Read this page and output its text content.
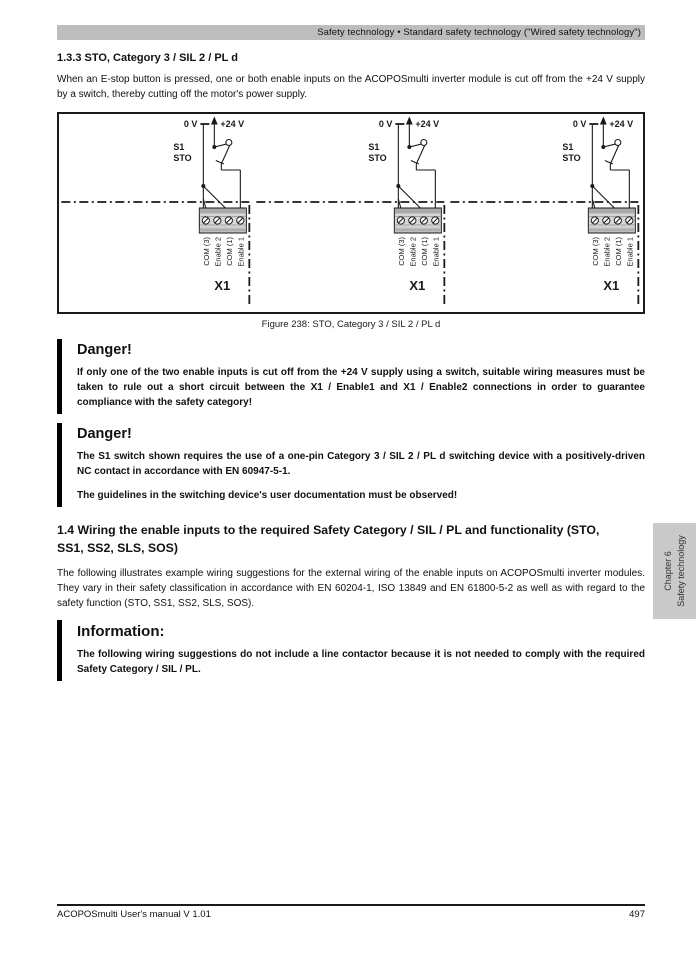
Safety technology • Standard safety technology ("Wired safety technology")
1.3.3 STO, Category 3 / SIL 2 / PL d

When an E-stop button is pressed, one or both enable inputs on the ACOPOSmulti inverter module is cut off from the +24 V supply by a switch, thereby cutting off the motor's power supply.

0 V	+24 V
S1
STO
COM (3) Enable 2 COM (1) Enable 1
X1
0 V	+24 V
S1
STO
COM (3) Enable 2 COM (1) Enable 1
X1
0 V	+24 V
S1
STO
COM (3) Enable 2 COM (1) Enable 1
X1
Figure 238: STO, Category 3 / SIL 2 / PL d
Danger!

If only one of the two enable inputs is cut off from the +24 V supply using a switch, suitable wiring measures must be taken to rule out a short circuit between the X1 / Enable1 and X1 / Enable2 connections in order to guarantee compliance with the safety category!

Danger!

The S1 switch shown requires the use of a one-pin Category 3 / SIL 2 / PL d switching device with a positively-driven NC contact in accordance with EN 60947-5-1.

The guidelines in the switching device's user documentation must be observed!

1.4 Wiring the enable inputs to the required Safety Category / SIL / PL and functionality (STO,
SS1, SS2, SLS, SOS)

The following illustrates example wiring suggestions for the external wiring of the enable inputs on ACOPOSmulti inverter modules. They vary in their safety classification in accordance with EN 60204-1, ISO 13849 and EN 61800-5-2 as well as with regard to the safety function (STO, SS1, SS2, SLS, SOS).

Information:

The following wiring suggestions do not include a line contactor because it is not needed to comply with the required Safety Category / SIL / PL.

Chapter 6 Safety technology
ACOPOSmulti User's manual V 1.01	497
